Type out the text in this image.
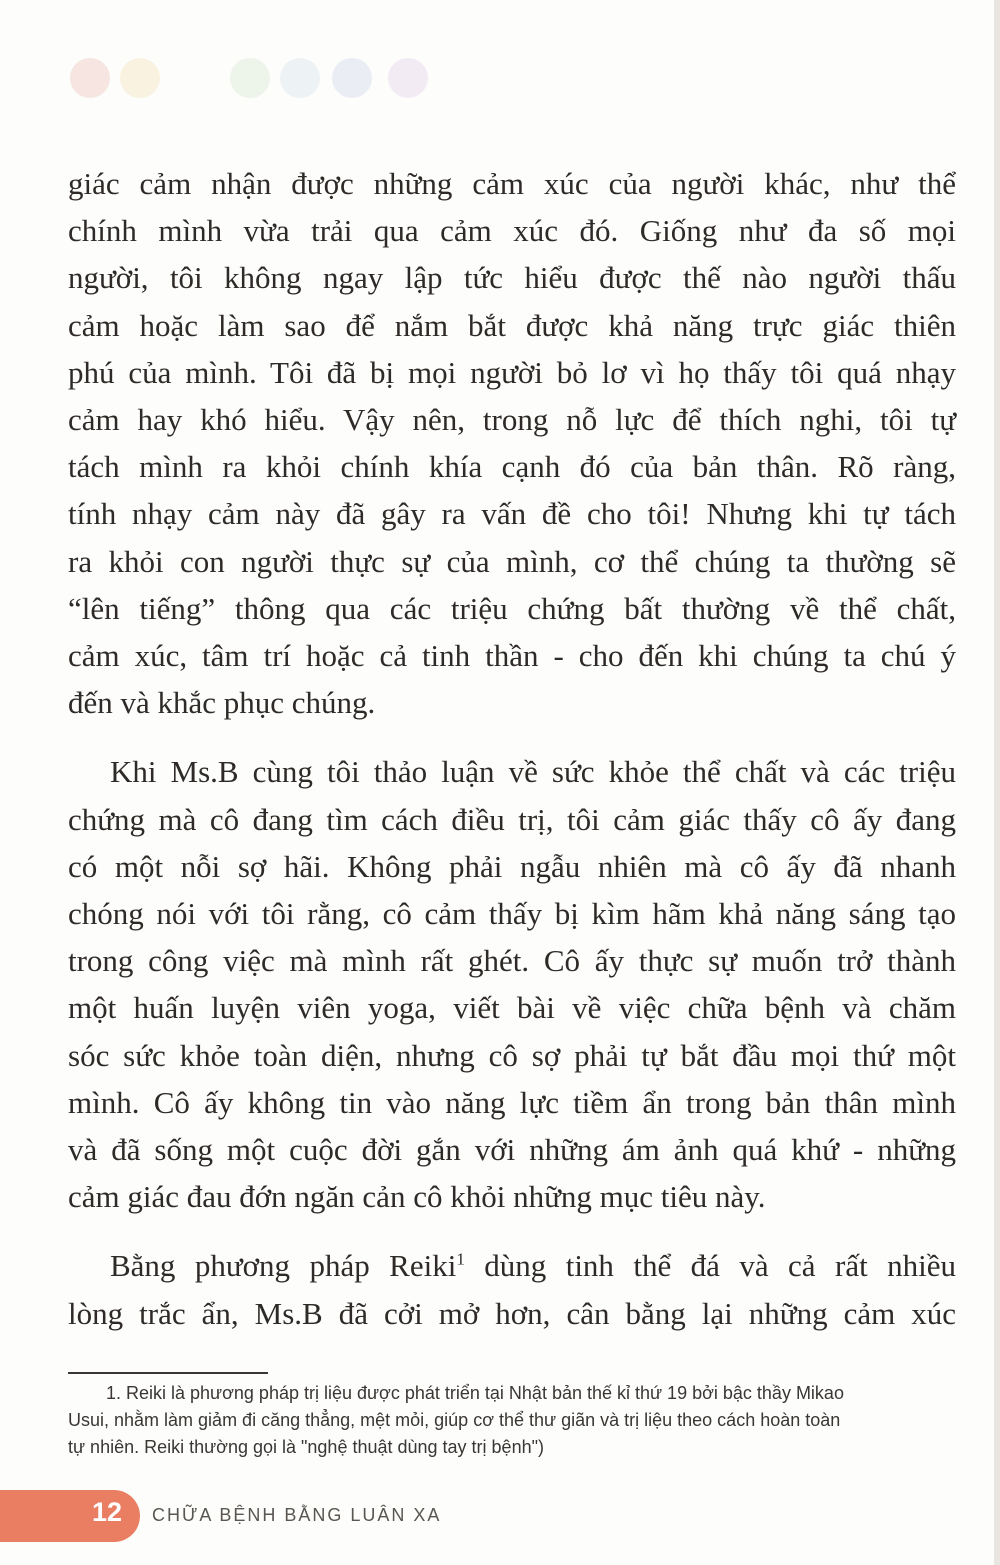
giác cảm nhận được những cảm xúc của người khác, như thể
chính mình vừa trải qua cảm xúc đó. Giống như đa số mọi
người, tôi không ngay lập tức hiểu được thế nào người thấu
cảm hoặc làm sao để nắm bắt được khả năng trực giác thiên
phú của mình. Tôi đã bị mọi người bỏ lơ vì họ thấy tôi quá nhạy
cảm hay khó hiểu. Vậy nên, trong nỗ lực để thích nghi, tôi tự
tách mình ra khỏi chính khía cạnh đó của bản thân. Rõ ràng,
tính nhạy cảm này đã gây ra vấn đề cho tôi! Nhưng khi tự tách
ra khỏi con người thực sự của mình, cơ thể chúng ta thường sẽ
“lên tiếng” thông qua các triệu chứng bất thường về thể chất,
cảm xúc, tâm trí hoặc cả tinh thần - cho đến khi chúng ta chú ý
đến và khắc phục chúng.

Khi Ms.B cùng tôi thảo luận về sức khỏe thể chất và các triệu
chứng mà cô đang tìm cách điều trị, tôi cảm giác thấy cô ấy đang
có một nỗi sợ hãi. Không phải ngẫu nhiên mà cô ấy đã nhanh
chóng nói với tôi rằng, cô cảm thấy bị kìm hãm khả năng sáng tạo
trong công việc mà mình rất ghét. Cô ấy thực sự muốn trở thành
một huấn luyện viên yoga, viết bài về việc chữa bệnh và chăm
sóc sức khỏe toàn diện, nhưng cô sợ phải tự bắt đầu mọi thứ một
mình. Cô ấy không tin vào năng lực tiềm ẩn trong bản thân mình
và đã sống một cuộc đời gắn với những ám ảnh quá khứ - những
cảm giác đau đớn ngăn cản cô khỏi những mục tiêu này.

Bằng phương pháp Reiki$^1$ dùng tinh thể đá và cả rất nhiều
lòng trắc ẩn, Ms.B đã cởi mở hơn, cân bằng lại những cảm xúc

1. Reiki là phương pháp trị liệu được phát triển tại Nhật bản thế kỉ thứ 19 bởi bậc thầy Mikao
Usui, nhằm làm giảm đi căng thẳng, mệt mỏi, giúp cơ thể thư giãn và trị liệu theo cách hoàn toàn
tự nhiên. Reiki thường gọi là "nghệ thuật dùng tay trị bệnh")
12 CHỮA BỆNH BẰNG LUÂN XA
